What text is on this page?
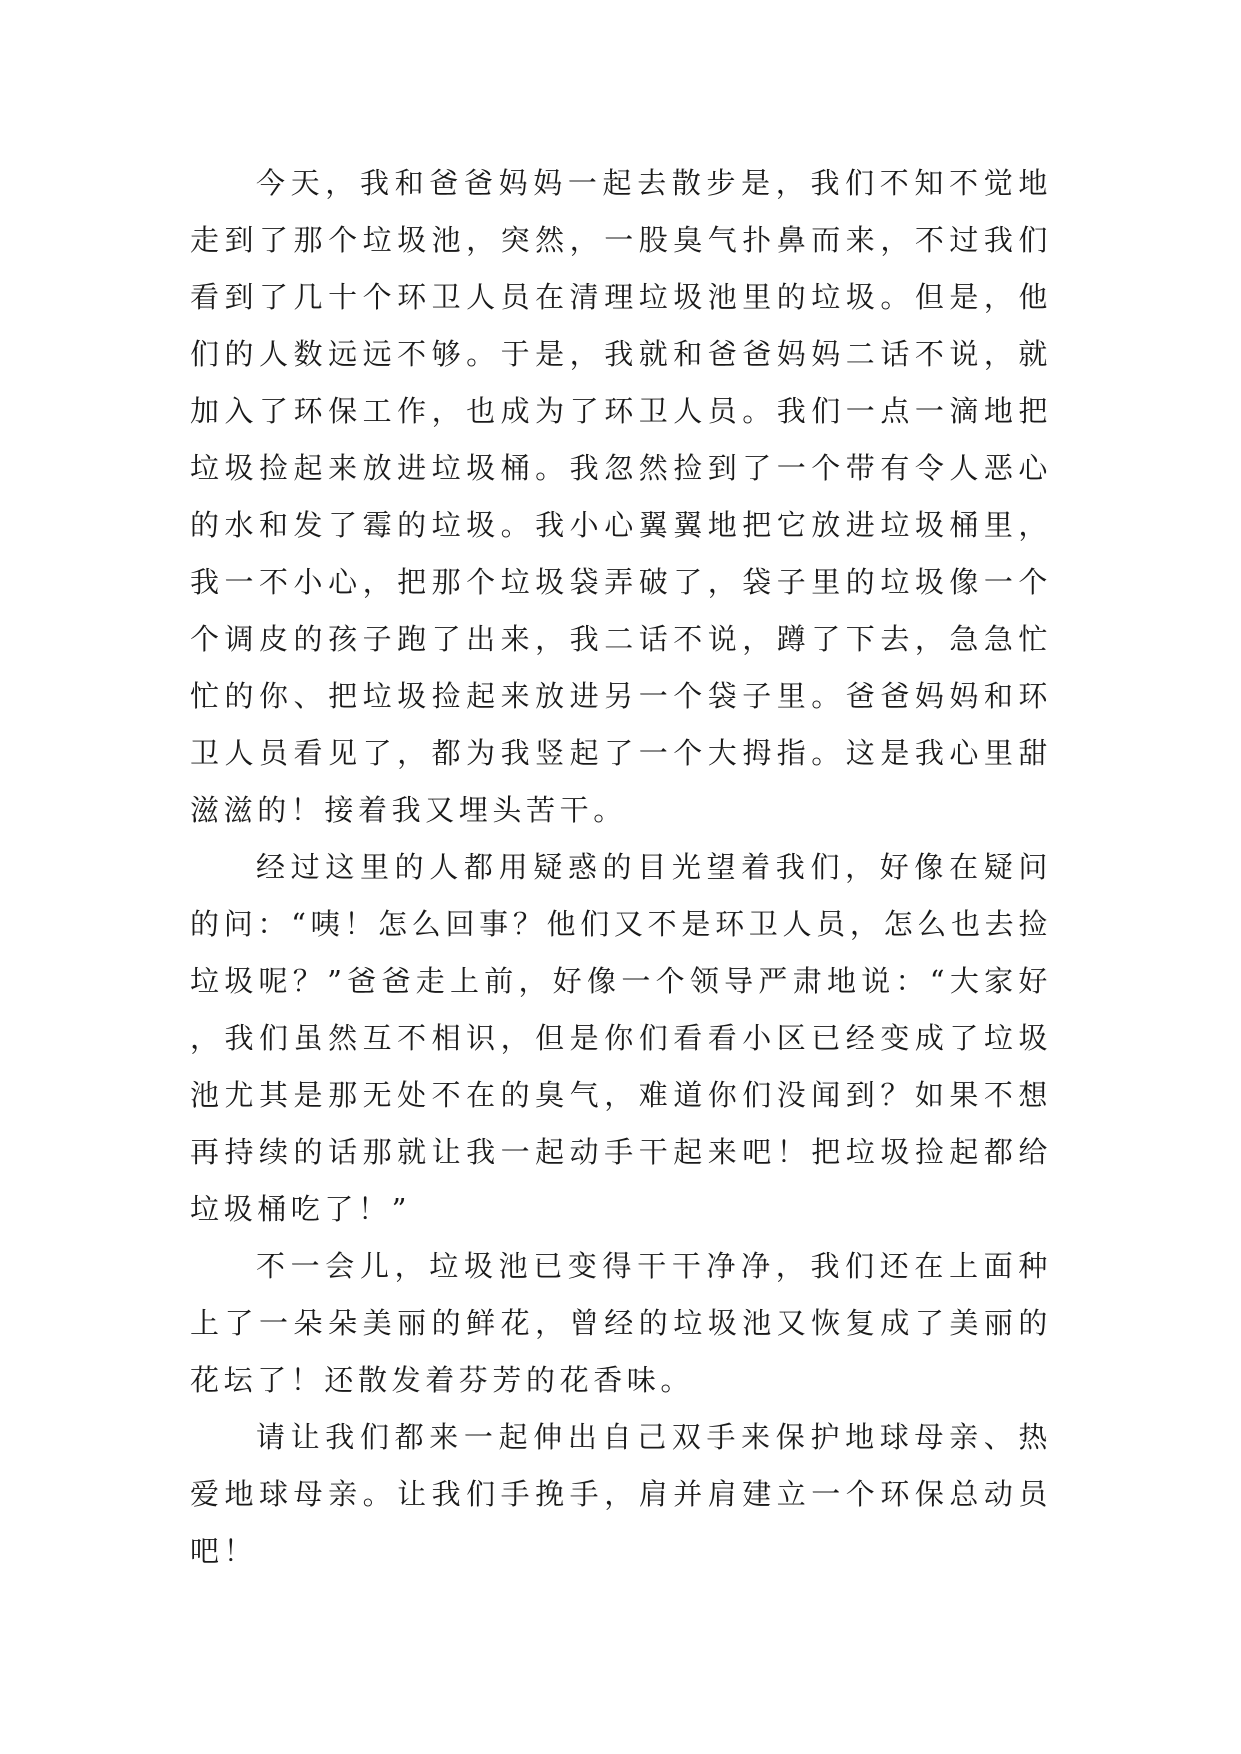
今天，我和爸爸妈妈一起去散步是，我们不知不觉地走到了那个垃圾池，突然，一股臭气扑鼻而来，不过我们看到了几十个环卫人员在清理垃圾池里的垃圾。但是，他们的人数远远不够。于是，我就和爸爸妈妈二话不说，就加入了环保工作，也成为了环卫人员。我们一点一滴地把垃圾捡起来放进垃圾桶。我忽然捡到了一个带有令人恶心的水和发了霉的垃圾。我小心翼翼地把它放进垃圾桶里，我一不小心，把那个垃圾袋弄破了，袋子里的垃圾像一个个调皮的孩子跑了出来，我二话不说，蹲了下去，急急忙忙的你、把垃圾捡起来放进另一个袋子里。爸爸妈妈和环卫人员看见了，都为我竖起了一个大拇指。这是我心里甜滋滋的！接着我又埋头苦干。

经过这里的人都用疑惑的目光望着我们，好像在疑问的问：“咦！怎么回事？他们又不是环卫人员，怎么也去捡垃圾呢？”爸爸走上前，好像一个领导严肃地说：“大家好，我们虽然互不相识，但是你们看看小区已经变成了垃圾池尤其是那无处不在的臭气，难道你们没闻到？如果不想再持续的话那就让我一起动手干起来吧！把垃圾捡起都给垃圾桶吃了！”

不一会儿，垃圾池已变得干干净净，我们还在上面种上了一朵朵美丽的鲜花，曾经的垃圾池又恢复成了美丽的花坛了！还散发着芬芳的花香味。

请让我们都来一起伸出自己双手来保护地球母亲、热爱地球母亲。让我们手挽手，肩并肩建立一个环保总动员吧！
